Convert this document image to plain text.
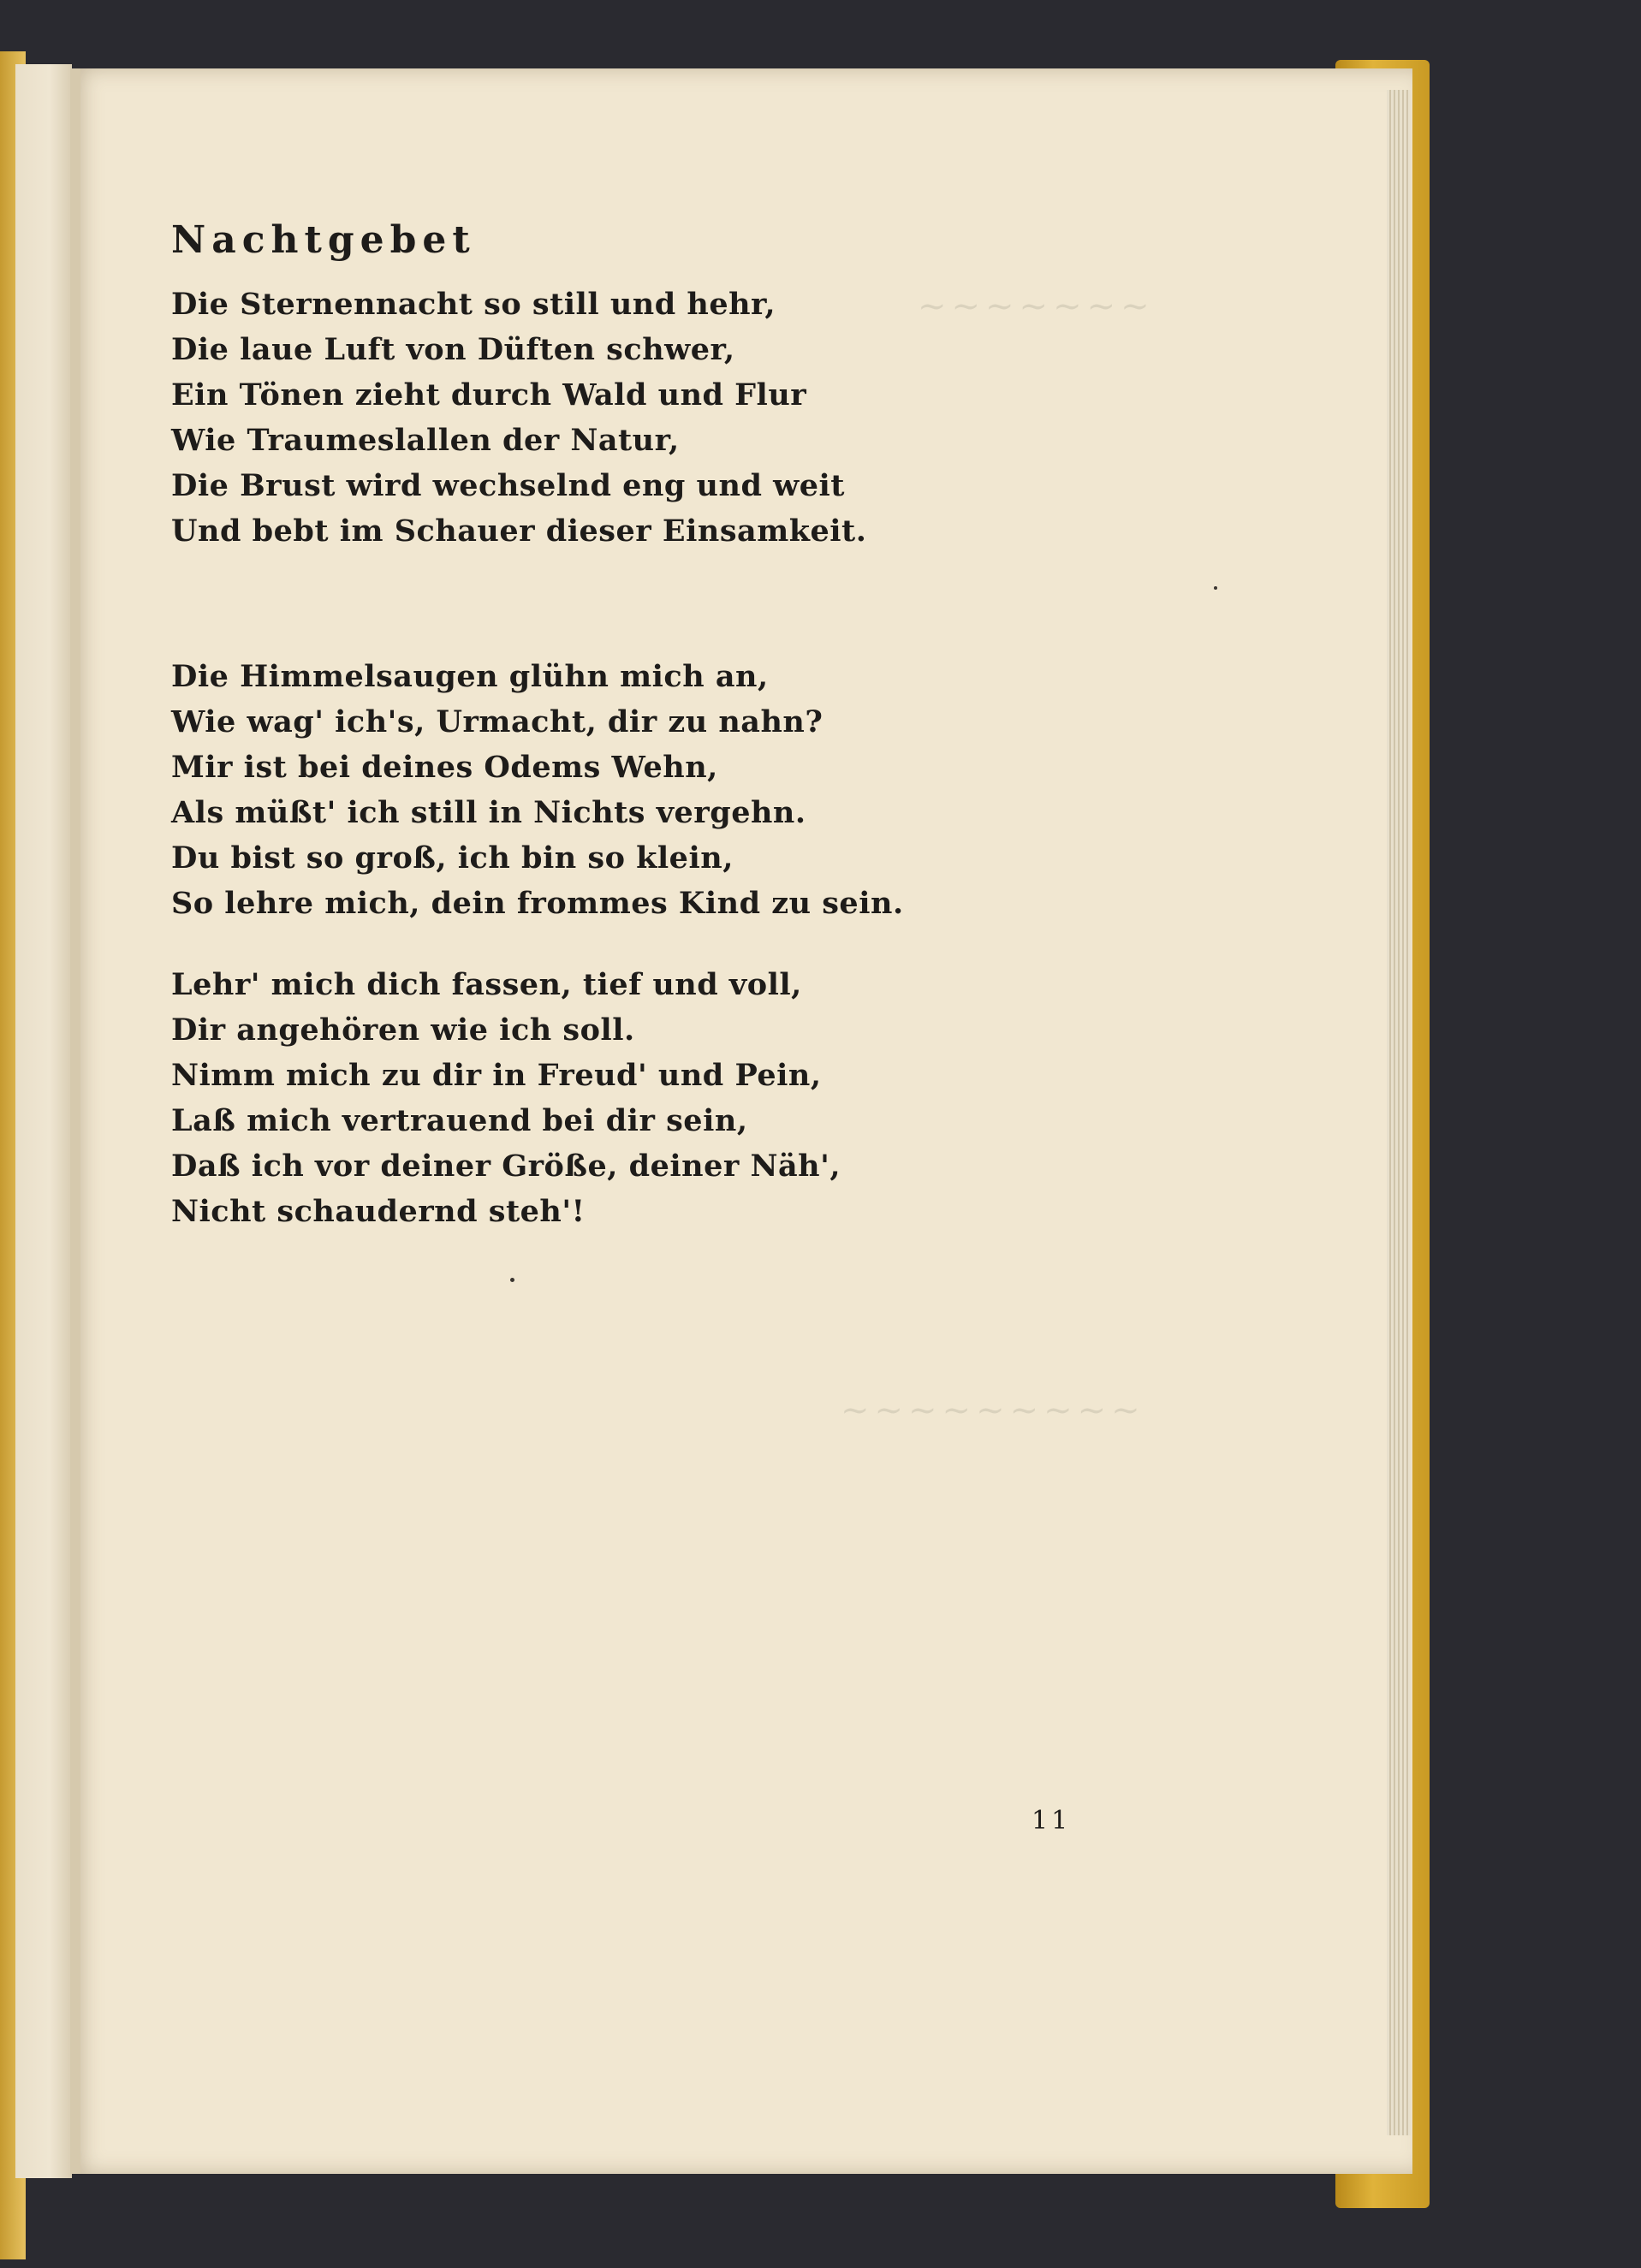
~~~~~~~
~~~~~~~~~
Nachtgebet
Die Sternennacht so still und hehr,
Die laue Luft von Düften schwer,
Ein Tönen zieht durch Wald und Flur
Wie Traumeslallen der Natur,
Die Brust wird wechselnd eng und weit
Und bebt im Schauer dieser Einsamkeit.
Die Himmelsaugen glühn mich an,
Wie wag' ich's, Urmacht, dir zu nahn?
Mir ist bei deines Odems Wehn,
Als müßt' ich still in Nichts vergehn.
Du bist so groß, ich bin so klein,
So lehre mich, dein frommes Kind zu sein.
Lehr' mich dich fassen, tief und voll,
Dir angehören wie ich soll.
Nimm mich zu dir in Freud' und Pein,
Laß mich vertrauend bei dir sein,
Daß ich vor deiner Größe, deiner Näh',
Nicht schaudernd steh'!
11
